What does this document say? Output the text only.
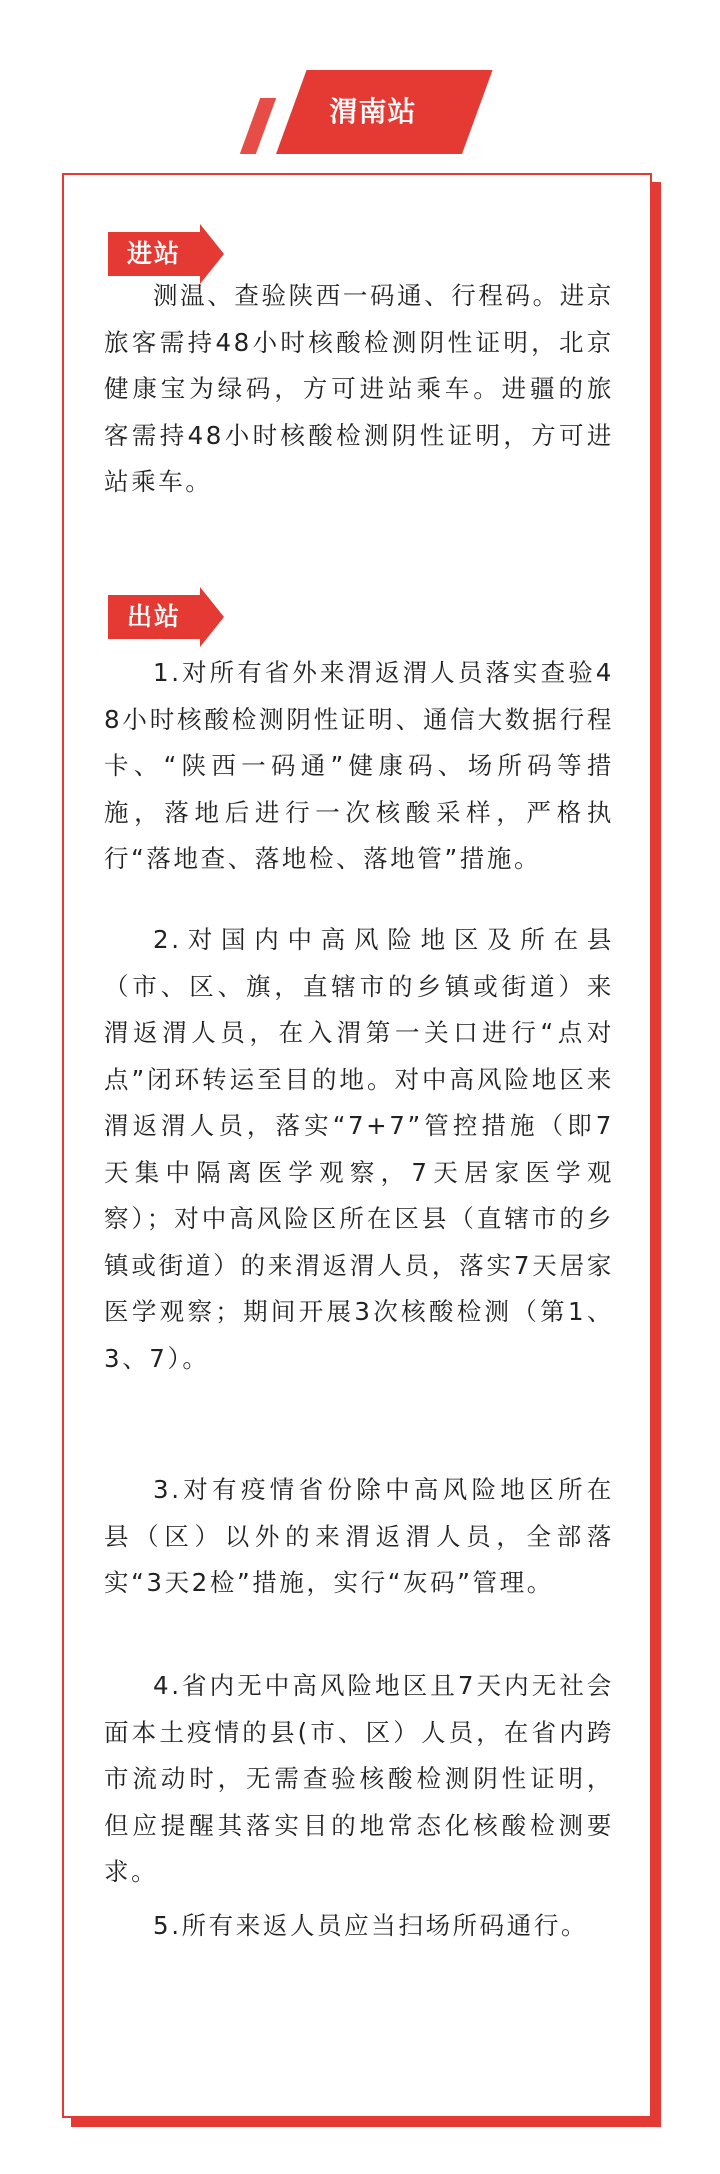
渭南站
进站

测温、查验陕西一码通、行程码。进京旅客需持48小时核酸检测阴性证明，北京健康宝为绿码，方可进站乘车。进疆的旅客需持48小时核酸检测阴性证明，方可进站乘车。

出站

1.对所有省外来渭返渭人员落实查验48小时核酸检测阴性证明、通信大数据行程卡、“陕西一码通”健康码、场所码等措施，落地后进行一次核酸采样，严格执行“落地查、落地检、落地管”措施。

2.对国内中高风险地区及所在县（市、区、旗，直辖市的乡镇或街道）来渭返渭人员，在入渭第一关口进行“点对点”闭环转运至目的地。对中高风险地区来渭返渭人员，落实“7+7”管控措施（即7天集中隔离医学观察，7天居家医学观察）；对中高风险区所在区县（直辖市的乡镇或街道）的来渭返渭人员，落实7天居家医学观察；期间开展3次核酸检测（第1、3、7）。

3.对有疫情省份除中高风险地区所在县（区）以外的来渭返渭人员，全部落实“3天2检”措施，实行“灰码”管理。

4.省内无中高风险地区且7天内无社会面本土疫情的县(市、区）人员，在省内跨市流动时，无需查验核酸检测阴性证明，但应提醒其落实目的地常态化核酸检测要求。

5.所有来返人员应当扫场所码通行。
